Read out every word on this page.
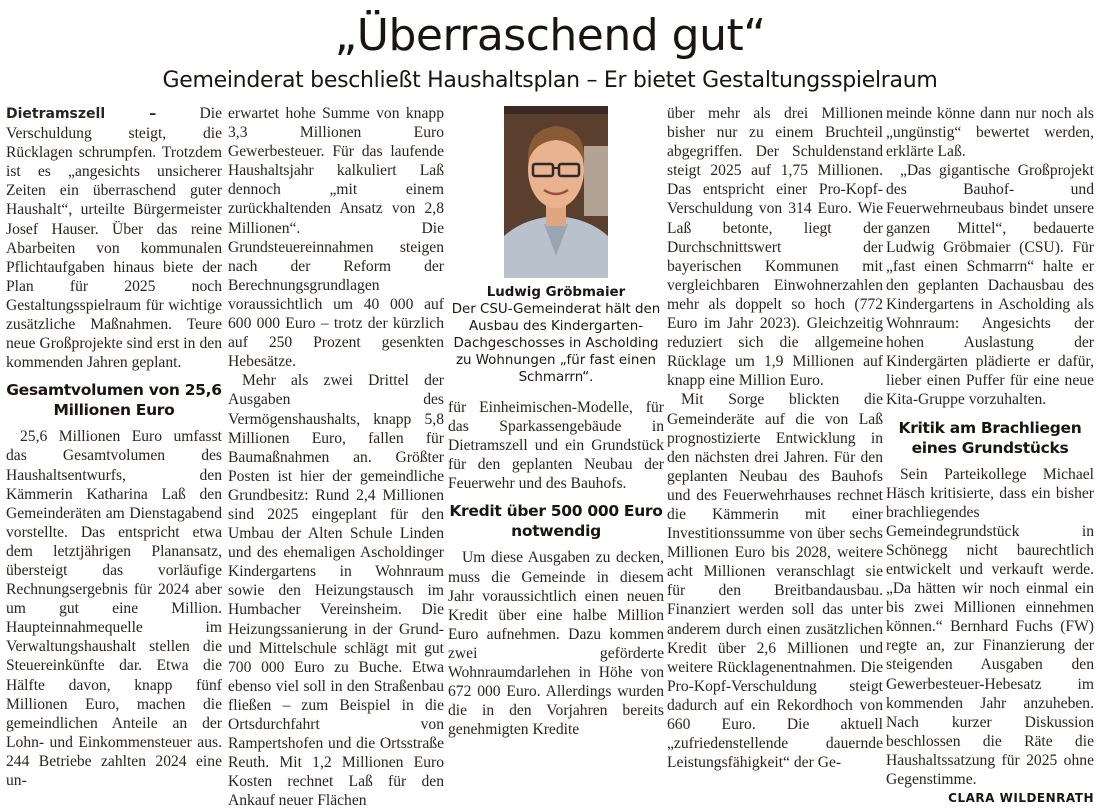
„Überraschend gut“
Gemeinderat beschließt Haushaltsplan – Er bietet Gestaltungsspielraum

Dietramszell – Die Verschuldung steigt, die Rücklagen schrumpfen. Trotzdem ist es „angesichts unsicherer Zeiten ein überraschend guter Haushalt“, urteilte Bürgermeister Josef Hauser. Über das reine Abarbeiten von kommunalen Pflichtaufgaben hinaus biete der Plan für 2025 noch Gestaltungsspielraum für wichtige zusätzliche Maßnahmen. Teure neue Großprojekte sind erst in den kommenden Jahren geplant.

Gesamtvolumen von 25,6 Millionen Euro

25,6 Millionen Euro umfasst das Gesamtvolumen des Haushaltsentwurfs, den Kämmerin Katharina Laß den Gemeinderäten am Dienstagabend vorstellte. Das entspricht etwa dem letztjährigen Planansatz, übersteigt das vorläufige Rechnungsergebnis für 2024 aber um gut eine Million. Haupteinnahmequelle im Verwaltungshaushalt stellen die Steuereinkünfte dar. Etwa die Hälfte davon, knapp fünf Millionen Euro, machen die gemeindlichen Anteile an der Lohn- und Einkommensteuer aus. 244 Betriebe zahlten 2024 eine un-

erwartet hohe Summe von knapp 3,3 Millionen Euro Gewerbesteuer. Für das laufende Haushaltsjahr kalkuliert Laß dennoch „mit einem zurückhaltenden Ansatz von 2,8 Millionen“. Die Grundsteuereinnahmen steigen nach der Reform der Berechnungsgrundlagen voraussichtlich um 40 000 auf 600 000 Euro – trotz der kürzlich auf 250 Prozent gesenkten Hebesätze.

Mehr als zwei Drittel der Ausgaben des Vermögenshaushalts, knapp 5,8 Millionen Euro, fallen für Baumaßnahmen an. Größter Posten ist hier der gemeindliche Grundbesitz: Rund 2,4 Millionen sind 2025 eingeplant für den Umbau der Alten Schule Linden und des ehemaligen Ascholdinger Kindergartens in Wohnraum sowie den Heizungstausch im Humbacher Vereinsheim. Die Heizungssanierung in der Grund- und Mittelschule schlägt mit gut 700 000 Euro zu Buche. Etwa ebenso viel soll in den Straßenbau fließen – zum Beispiel in die Ortsdurchfahrt von Rampertshofen und die Ortsstraße Reuth. Mit 1,2 Millionen Euro Kosten rechnet Laß für den Ankauf neuer Flächen

Ludwig Gröbmaier
Der CSU-Gemeinderat hält den Ausbau des Kindergarten-Dachgeschosses in Ascholding zu Wohnungen „für fast einen Schmarrn“.

für Einheimischen-Modelle, für das Sparkassengebäude in Dietramszell und ein Grundstück für den geplanten Neubau der Feuerwehr und des Bauhofs.

Kredit über 500 000 Euro notwendig

Um diese Ausgaben zu decken, muss die Gemeinde in diesem Jahr voraussichtlich einen neuen Kredit über eine halbe Million Euro aufnehmen. Dazu kommen zwei geförderte Wohnraumdarlehen in Höhe von 672 000 Euro. Allerdings wurden die in den Vorjahren bereits genehmigten Kredite

über mehr als drei Millionen bisher nur zu einem Bruchteil abgegriffen. Der Schuldenstand steigt 2025 auf 1,75 Millionen. Das entspricht einer Pro-Kopf-Verschuldung von 314 Euro. Wie Laß betonte, liegt der Durchschnittswert der bayerischen Kommunen mit vergleichbaren Einwohnerzahlen mehr als doppelt so hoch (772 Euro im Jahr 2023). Gleichzeitig reduziert sich die allgemeine Rücklage um 1,9 Millionen auf knapp eine Million Euro.

Mit Sorge blickten die Gemeinderäte auf die von Laß prognostizierte Entwicklung in den nächsten drei Jahren. Für den geplanten Neubau des Bauhofs und des Feuerwehrhauses rechnet die Kämmerin mit einer Investitionssumme von über sechs Millionen Euro bis 2028, weitere acht Millionen veranschlagt sie für den Breitbandausbau. Finanziert werden soll das unter anderem durch einen zusätzlichen Kredit über 2,6 Millionen und weitere Rücklagenentnahmen. Die Pro-Kopf-Verschuldung steigt dadurch auf ein Rekordhoch von 660 Euro. Die aktuell „zufriedenstellende dauernde Leistungsfähigkeit“ der Ge-

meinde könne dann nur noch als „ungünstig“ bewertet werden, erklärte Laß.

„Das gigantische Großprojekt des Bauhof- und Feuerwehrneubaus bindet unsere ganzen Mittel“, bedauerte Ludwig Gröbmaier (CSU). Für „fast einen Schmarrn“ halte er den geplanten Dachausbau des Kindergartens in Ascholding als Wohnraum: Angesichts der hohen Auslastung der Kindergärten plädierte er dafür, lieber einen Puffer für eine neue Kita-Gruppe vorzuhalten.

Kritik am Brachliegen eines Grundstücks

Sein Parteikollege Michael Häsch kritisierte, dass ein bisher brachliegendes Gemeindegrundstück in Schönegg nicht baurechtlich entwickelt und verkauft werde. „Da hätten wir noch einmal ein bis zwei Millionen einnehmen können.“ Bernhard Fuchs (FW) regte an, zur Finanzierung der steigenden Ausgaben den Gewerbesteuer-Hebesatz im kommenden Jahr anzuheben. Nach kurzer Diskussion beschlossen die Räte die Haushaltssatzung für 2025 ohne Gegenstimme.

CLARA WILDENRATH
